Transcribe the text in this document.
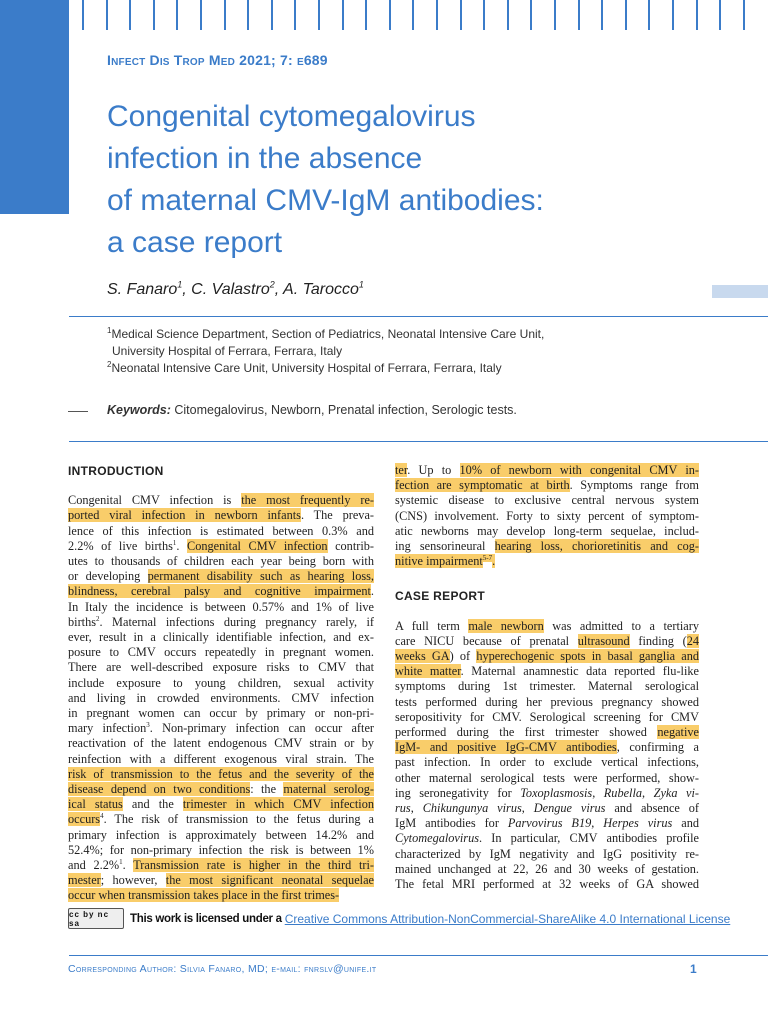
Infect Dis Trop Med 2021; 7: e689
Congenital cytomegalovirus
infection in the absence
of maternal CMV-IgM antibodies:
a case report
S. Fanaro$^1$, C. Valastro$^2$, A. Tarocco$^1$
$^1$Medical Science Department, Section of Pediatrics, Neonatal Intensive Care Unit,
University Hospital of Ferrara, Ferrara, Italy
$^2$Neonatal Intensive Care Unit, University Hospital of Ferrara, Ferrara, Italy
Keywords: Citomegalovirus, Newborn, Prenatal infection, Serologic tests.
INTRODUCTION
Congenital CMV infection is the most frequently re-
ported viral infection in newborn infants. The preva-
lence of this infection is estimated between 0.3% and
2.2% of live births$^1$. Congenital CMV infection contrib-
utes to thousands of children each year being born with
or developing permanent disability such as hearing loss,
blindness, cerebral palsy and cognitive impairment.
In Italy the incidence is between 0.57% and 1% of live
births$^2$. Maternal infections during pregnancy rarely, if
ever, result in a clinically identifiable infection, and ex-
posure to CMV occurs repeatedly in pregnant women.
There are well-described exposure risks to CMV that
include exposure to young children, sexual activity
and living in crowded environments. CMV infection
in pregnant women can occur by primary or non-pri-
mary infection$^3$. Non-primary infection can occur after
reactivation of the latent endogenous CMV strain or by
reinfection with a different exogenous viral strain. The
risk of transmission to the fetus and the severity of the
disease depend on two conditions: the maternal serolog-
ical status and the trimester in which CMV infection
occurs$^4$. The risk of transmission to the fetus during a
primary infection is approximately between 14.2% and
52.4%; for non-primary infection the risk is between 1%
and 2.2%$^1$. Transmission rate is higher in the third tri-
mester; however, the most significant neonatal sequelae
occur when transmission takes place in the first trimes-
ter. Up to 10% of newborn with congenital CMV in-
fection are symptomatic at birth. Symptoms range from
systemic disease to exclusive central nervous system
(CNS) involvement. Forty to sixty percent of symptom-
atic newborns may develop long-term sequelae, includ-
ing sensorineural hearing loss, chorioretinitis and cog-
nitive impairment$^{5-7}$.
CASE REPORT
A full term male newborn was admitted to a tertiary
care NICU because of prenatal ultrasound finding (24
weeks GA) of hyperechogenic spots in basal ganglia and
white matter. Maternal anamnestic data reported flu-like
symptoms during 1st trimester. Maternal serological
tests performed during her previous pregnancy showed
seropositivity for CMV. Serological screening for CMV
performed during the first trimester showed negative
IgM- and positive IgG-CMV antibodies, confirming a
past infection. In order to exclude vertical infections,
other maternal serological tests were performed, show-
ing seronegativity for Toxoplasmosis, Rubella, Zyka vi-
rus, Chikungunya virus, Dengue virus and absence of
IgM antibodies for Parvovirus B19, Herpes virus and
Cytomegalovirus. In particular, CMV antibodies profile
characterized by IgM negativity and IgG positivity re-
mained unchanged at 22, 26 and 30 weeks of gestation.
The fetal MRI performed at 32 weeks of GA showed
cc by nc sa	This work is licensed under a Creative Commons Attribution-NonCommercial-ShareAlike 4.0 International License
Corresponding Author: Silvia Fanaro, MD; e-mail: fnrslv@unife.it	1
